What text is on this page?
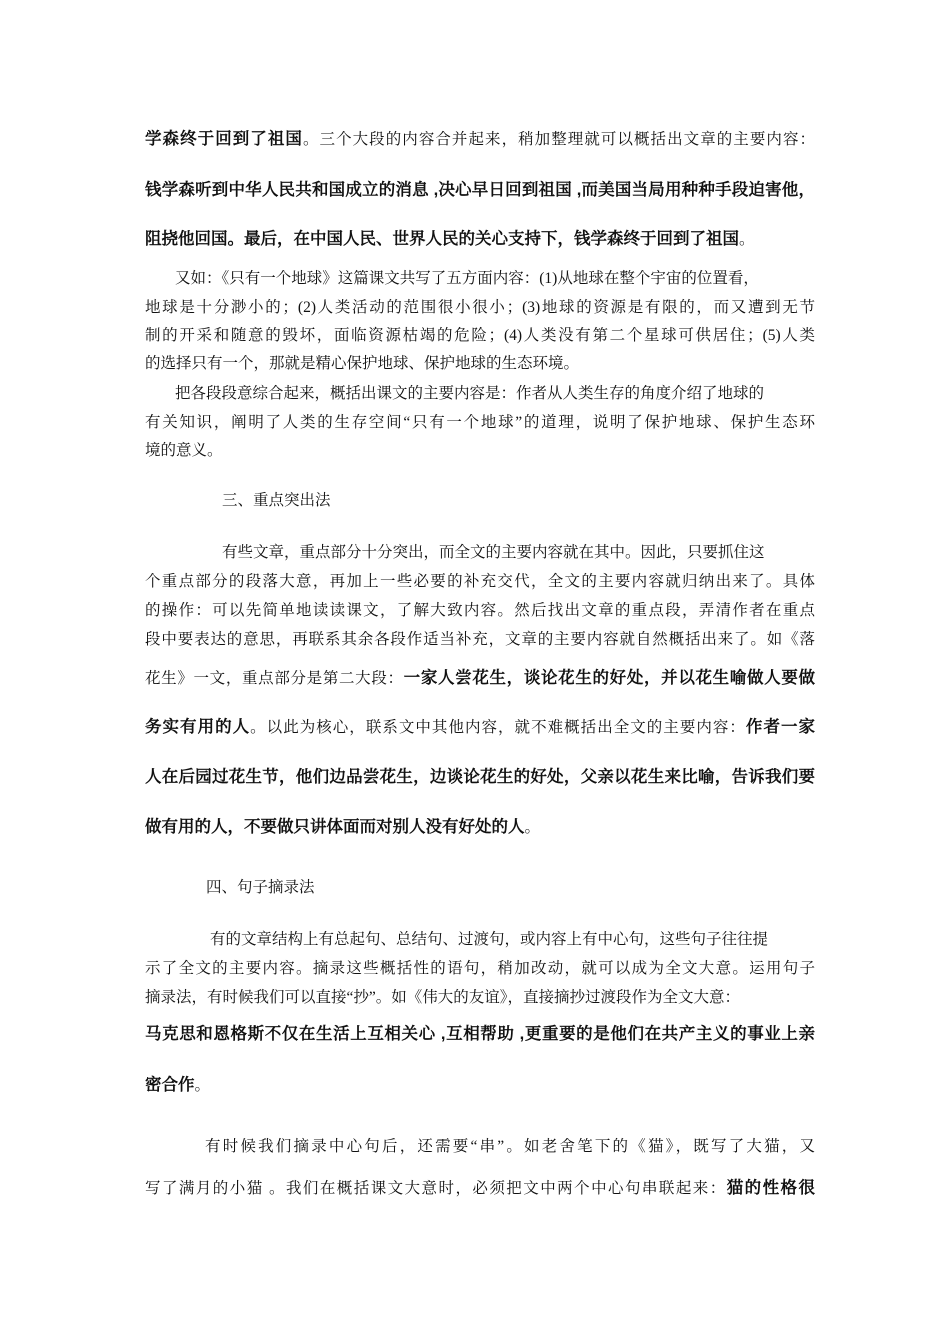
学森终于回到了祖国。三个大段的内容合并起来，稍加整理就可以概括出文章的主要内容：
钱学森听到中华人民共和国成立的消息 ,决心早日回到祖国 ,而美国当局用种种手段迫害他，
阻挠他回国。最后，在中国人民、世界人民的关心支持下，钱学森终于回到了祖国。
又如：《只有一个地球》这篇课文共写了五方面内容：(1)从地球在整个宇宙的位置看，
地球是十分渺小的；(2)人类活动的范围很小很小；(3)地球的资源是有限的，而又遭到无节
制的开采和随意的毁坏，面临资源枯竭的危险；(4)人类没有第二个星球可供居住；(5)人类
的选择只有一个，那就是精心保护地球、保护地球的生态环境。
把各段段意综合起来，概括出课文的主要内容是：作者从人类生存的角度介绍了地球的
有关知识，阐明了人类的生存空间“只有一个地球”的道理，说明了保护地球、保护生态环
境的意义。
三、重点突出法
有些文章，重点部分十分突出，而全文的主要内容就在其中。因此，只要抓住这
个重点部分的段落大意，再加上一些必要的补充交代，全文的主要内容就归纳出来了。具体
的操作：可以先简单地读读课文，了解大致内容。然后找出文章的重点段，弄清作者在重点
段中要表达的意思，再联系其余各段作适当补充，文章的主要内容就自然概括出来了。如《落
花生》一文，重点部分是第二大段：一家人尝花生，谈论花生的好处，并以花生喻做人要做
务实有用的人。以此为核心，联系文中其他内容，就不难概括出全文的主要内容：作者一家
人在后园过花生节，他们边品尝花生，边谈论花生的好处，父亲以花生来比喻，告诉我们要
做有用的人，不要做只讲体面而对别人没有好处的人。
四、句子摘录法
有的文章结构上有总起句、总结句、过渡句，或内容上有中心句，这些句子往往提
示了全文的主要内容。摘录这些概括性的语句，稍加改动，就可以成为全文大意。运用句子
摘录法，有时候我们可以直接“抄”。如《伟大的友谊》，直接摘抄过渡段作为全文大意：
马克思和恩格斯不仅在生活上互相关心 ,互相帮助 ,更重要的是他们在共产主义的事业上亲
密合作。
有时候我们摘录中心句后，还需要“串”。如老舍笔下的《猫》，既写了大猫，又
写了满月的小猫 。我们在概括课文大意时，必须把文中两个中心句串联起来：猫的性格很
